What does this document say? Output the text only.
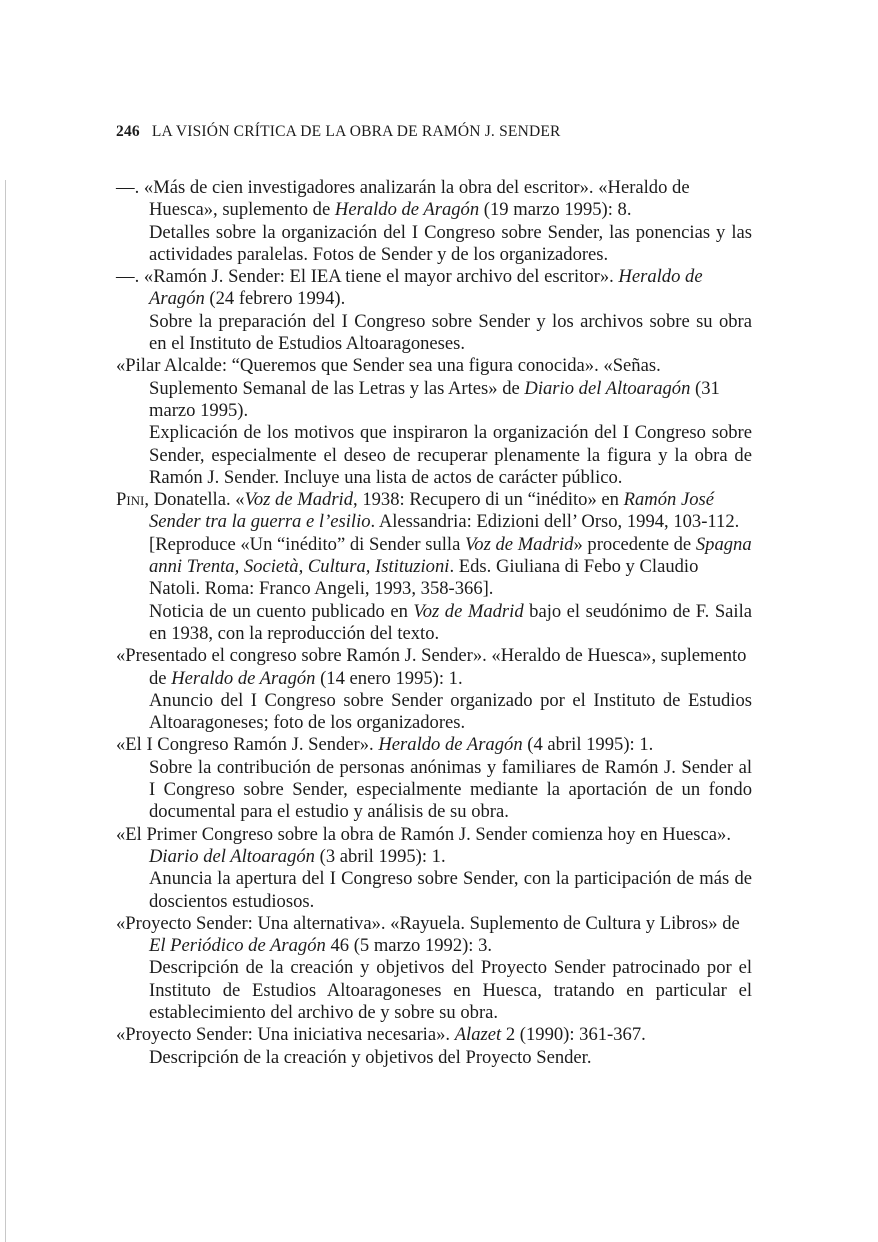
246 LA VISIÓN CRÍTICA DE LA OBRA DE RAMÓN J. SENDER

—. «Más de cien investigadores analizarán la obra del escritor». «Heraldo de Huesca», suplemento de Heraldo de Aragón (19 marzo 1995): 8.

Detalles sobre la organización del I Congreso sobre Sender, las ponencias y las actividades paralelas. Fotos de Sender y de los organizadores.

—. «Ramón J. Sender: El IEA tiene el mayor archivo del escritor». Heraldo de Aragón (24 febrero 1994).

Sobre la preparación del I Congreso sobre Sender y los archivos sobre su obra en el Instituto de Estudios Altoaragoneses.

«Pilar Alcalde: “Queremos que Sender sea una figura conocida». «Señas. Suplemento Semanal de las Letras y las Artes» de Diario del Altoaragón (31 marzo 1995).

Explicación de los motivos que inspiraron la organización del I Congreso sobre Sender, especialmente el deseo de recuperar plenamente la figura y la obra de Ramón J. Sender. Incluye una lista de actos de carácter público.

Pini, Donatella. «Voz de Madrid, 1938: Recupero di un “inédito» en Ramón José Sender tra la guerra e l’esilio. Alessandria: Edizioni dell’ Orso, 1994, 103-112. [Reproduce «Un “inédito” di Sender sulla Voz de Madrid» procedente de Spagna anni Trenta, Società, Cultura, Istituzioni. Eds. Giuliana di Febo y Claudio Natoli. Roma: Franco Angeli, 1993, 358-366].

Noticia de un cuento publicado en Voz de Madrid bajo el seudónimo de F. Saila en 1938, con la reproducción del texto.

«Presentado el congreso sobre Ramón J. Sender». «Heraldo de Huesca», suplemento de Heraldo de Aragón (14 enero 1995): 1.

Anuncio del I Congreso sobre Sender organizado por el Instituto de Estudios Altoaragoneses; foto de los organizadores.

«El I Congreso Ramón J. Sender». Heraldo de Aragón (4 abril 1995): 1.

Sobre la contribución de personas anónimas y familiares de Ramón J. Sender al I Congreso sobre Sender, especialmente mediante la aportación de un fondo documental para el estudio y análisis de su obra.

«El Primer Congreso sobre la obra de Ramón J. Sender comienza hoy en Huesca». Diario del Altoaragón (3 abril 1995): 1.

Anuncia la apertura del I Congreso sobre Sender, con la participación de más de doscientos estudiosos.

«Proyecto Sender: Una alternativa». «Rayuela. Suplemento de Cultura y Libros» de El Periódico de Aragón 46 (5 marzo 1992): 3.

Descripción de la creación y objetivos del Proyecto Sender patrocinado por el Instituto de Estudios Altoaragoneses en Huesca, tratando en particular el establecimiento del archivo de y sobre su obra.

«Proyecto Sender: Una iniciativa necesaria». Alazet 2 (1990): 361-367.

Descripción de la creación y objetivos del Proyecto Sender.
